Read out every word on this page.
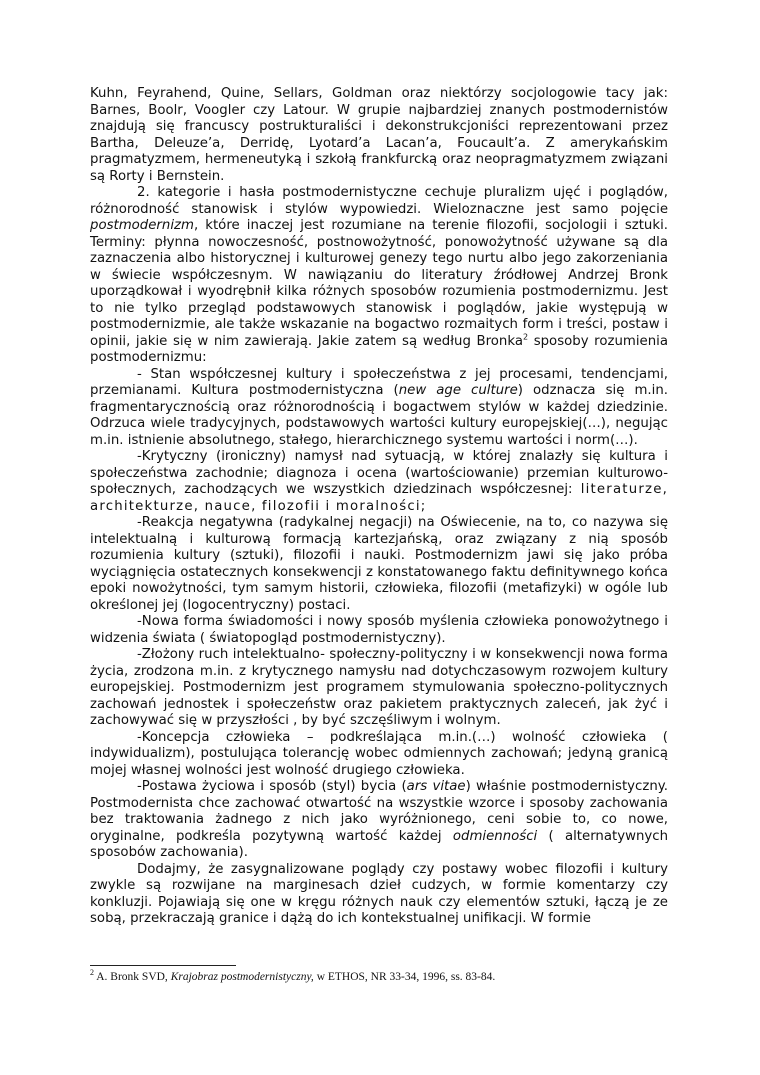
Kuhn, Feyrahend, Quine, Sellars, Goldman oraz niektórzy socjologowie tacy jak: Barnes, Boolr, Voogler czy Latour. W grupie najbardziej znanych postmodernistów znajdują się francuscy postrukturaliści i dekonstrukcjoniści reprezentowani przez Bartha, Deleuze’a, Derridę, Lyotard’a Lacan’a, Foucault’a. Z amerykańskim pragmatyzmem, hermeneutyką i szkołą frankfurcką oraz neopragmatyzmem związani są Rorty i Bernstein.

2. kategorie i hasła postmodernistyczne cechuje pluralizm ujęć i poglądów, różnorodność stanowisk i stylów wypowiedzi. Wieloznaczne jest samo pojęcie postmodernizm, które inaczej jest rozumiane na terenie filozofii, socjologii i sztuki. Terminy: płynna nowoczesność, postnowożytność, ponowożytność używane są dla zaznaczenia albo historycznej i kulturowej genezy tego nurtu albo jego zakorzeniania w świecie współczesnym. W nawiązaniu do literatury źródłowej Andrzej Bronk uporządkował i wyodrębnił kilka różnych sposobów rozumienia postmodernizmu. Jest to nie tylko przegląd podstawowych stanowisk i poglądów, jakie występują w postmodernizmie, ale także wskazanie na bogactwo rozmaitych form i treści, postaw i opinii, jakie się w nim zawierają. Jakie zatem są według Bronka$^2$ sposoby rozumienia postmodernizmu:

- Stan współczesnej kultury i społeczeństwa z jej procesami, tendencjami, przemianami. Kultura postmodernistyczna (new age culture) odznacza się m.in. fragmentarycznością oraz różnorodnością i bogactwem stylów w każdej dziedzinie. Odrzuca wiele tradycyjnych, podstawowych wartości kultury europejskiej(…), negując m.in. istnienie absolutnego, stałego, hierarchicznego systemu wartości i norm(…).

-Krytyczny (ironiczny) namysł nad sytuacją, w której znalazły się kultura i społeczeństwa zachodnie; diagnoza i ocena (wartościowanie) przemian kulturowo-społecznych, zachodzących we wszystkich dziedzinach współczesnej: literaturze, architekturze, nauce, filozofii i moralności;

-Reakcja negatywna (radykalnej negacji) na Oświecenie, na to, co nazywa się intelektualną i kulturową formacją kartezjańską, oraz związany z nią sposób rozumienia kultury (sztuki), filozofii i nauki. Postmodernizm jawi się jako próba wyciągnięcia ostatecznych konsekwencji z konstatowanego faktu definitywnego końca epoki nowożytności, tym samym historii, człowieka, filozofii (metafizyki) w ogóle lub określonej jej (logocentryczny) postaci.

-Nowa forma świadomości i nowy sposób myślenia człowieka ponowożytnego i widzenia świata ( światopogląd postmodernistyczny).

-Złożony ruch intelektualno- społeczny-polityczny i w konsekwencji nowa forma życia, zrodzona m.in. z krytycznego namysłu nad dotychczasowym rozwojem kultury europejskiej. Postmodernizm jest programem stymulowania społeczno-politycznych zachowań jednostek i społeczeństw oraz pakietem praktycznych zaleceń, jak żyć i zachowywać się w przyszłości , by być szczęśliwym i wolnym.

-Koncepcja człowieka – podkreślająca m.in.(…) wolność człowieka ( indywidualizm), postulująca tolerancję wobec odmiennych zachowań; jedyną granicą mojej własnej wolności jest wolność drugiego człowieka.

-Postawa życiowa i sposób (styl) bycia (ars vitae) właśnie postmodernistyczny. Postmodernista chce zachować otwartość na wszystkie wzorce i sposoby zachowania bez traktowania żadnego z nich jako wyróżnionego, ceni sobie to, co nowe, oryginalne, podkreśla pozytywną wartość każdej odmienności ( alternatywnych sposobów zachowania).

Dodajmy, że zasygnalizowane poglądy czy postawy wobec filozofii i kultury zwykle są rozwijane na marginesach dzieł cudzych, w formie komentarzy czy konkluzji. Pojawiają się one w kręgu różnych nauk czy elementów sztuki, łączą je ze sobą, przekraczają granice i dążą do ich kontekstualnej unifikacji. W formie

$^2$ A. Bronk SVD, Krajobraz postmodernistyczny, w ETHOS, NR 33-34, 1996, ss. 83-84.
